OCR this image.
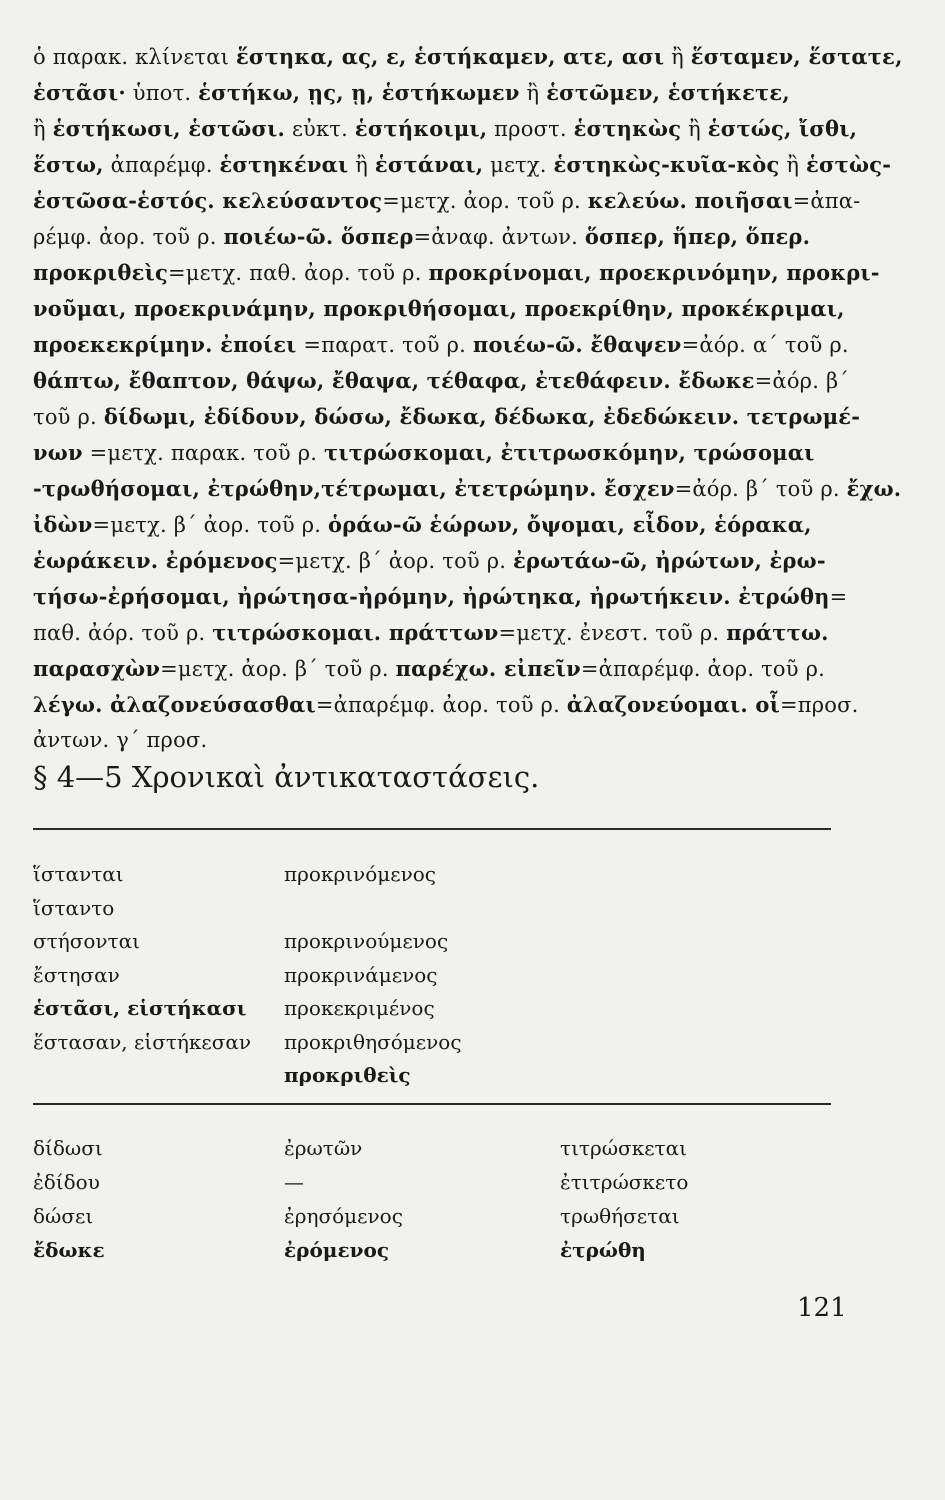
ὁ παρακ. κλίνεται ἕστηκα, ας, ε, ἑστήκαμεν, ατε, ασι ἢ ἕσταμεν, ἕστατε,
ἑστᾶσι· ὑποτ. ἑστήκω, ῃς, ῃ, ἑστήκωμεν ἢ ἑστῶμεν, ἑστήκετε,
ἢ ἑστήκωσι, ἑστῶσι. εὐκτ. ἑστήκοιμι, προστ. ἑστηκὼς ἢ ἑστώς, ἴσθι,
ἕστω, ἀπαρέμφ. ἑστηκέναι ἢ ἑστάναι, μετχ. ἑστηκὼς-κυῖα-κὸς ἢ ἑστὼς-
ἑστῶσα-ἑστός. κελεύσαντος=μετχ. ἀορ. τοῦ ρ. κελεύω. ποιῆσαι=ἀπα-
ρέμφ. ἀορ. τοῦ ρ. ποιέω-ῶ. ὅσπερ=ἀναφ. ἀντων. ὅσπερ, ἥπερ, ὅπερ.
προκριθεὶς=μετχ. παθ. ἀορ. τοῦ ρ. προκρίνομαι, προεκρινόμην, προκρι-
νοῦμαι, προεκρινάμην, προκριθήσομαι, προεκρίθην, προκέκριμαι,
προεκεκρίμην. ἐποίει =παρατ. τοῦ ρ. ποιέω-ῶ. ἔθαψεν=ἀόρ. α΄ τοῦ ρ.
θάπτω, ἔθαπτον, θάψω, ἔθαψα, τέθαφα, ἐτεθάφειν. ἔδωκε=ἀόρ. β΄
τοῦ ρ. δίδωμι, ἐδίδουν, δώσω, ἔδωκα, δέδωκα, ἐδεδώκειν. τετρωμέ-
νων =μετχ. παρακ. τοῦ ρ. τιτρώσκομαι, ἐτιτρωσκόμην, τρώσομαι
-τρωθήσομαι, ἐτρώθην,τέτρωμαι, ἐτετρώμην. ἔσχεν=ἀόρ. β΄ τοῦ ρ. ἔχω.
ἰδὼν=μετχ. β΄ ἀορ. τοῦ ρ. ὁράω-ῶ ἑώρων, ὄψομαι, εἶδον, ἑόρακα,
ἑωράκειν. ἐρόμενος=μετχ. β΄ ἀορ. τοῦ ρ. ἐρωτάω-ῶ, ἠρώτων, ἐρω-
τήσω-ἐρήσομαι, ἠρώτησα-ἠρόμην, ἠρώτηκα, ἠρωτήκειν. ἐτρώθη=
παθ. ἀόρ. τοῦ ρ. τιτρώσκομαι. πράττων=μετχ. ἐνεστ. τοῦ ρ. πράττω.
παρασχὼν=μετχ. ἀορ. β΄ τοῦ ρ. παρέχω. εἰπεῖν=ἀπαρέμφ. ἀορ. τοῦ ρ.
λέγω. ἀλαζονεύσασθαι=ἀπαρέμφ. ἀορ. τοῦ ρ. ἀλαζονεύομαι. οἷ=προσ.
ἀντων. γ΄ προσ.
§ 4—5 Χρονικαὶ ἀντικαταστάσεις.
ἵστανται
ἵσταντο
στήσονται
ἔστησαν
ἑστᾶσι, εἱστήκασι
ἕστασαν, εἱστήκεσαν
προκρινόμενος
προκρινούμενος
προκρινάμενος
προκεκριμένος
προκριθησόμενος
προκριθεὶς
δίδωσι
ἐδίδου
δώσει
ἔδωκε
ἐρωτῶν
—
ἐρησόμενος
ἐρόμενος
τιτρώσκεται
ἐτιτρώσκετο
τρωθήσεται
ἐτρώθη
121
